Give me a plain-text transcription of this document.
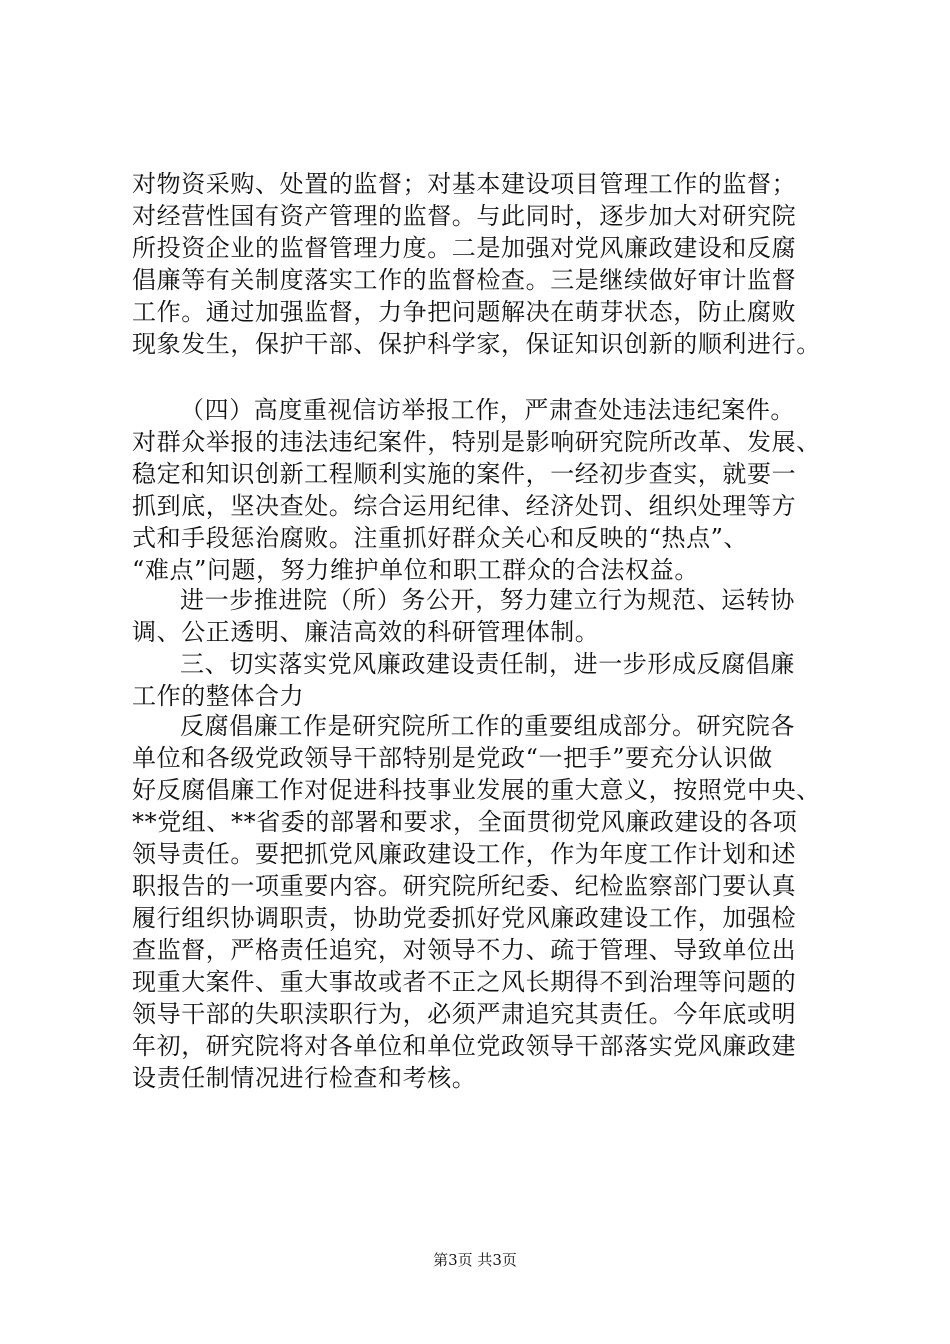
对物资采购、处置的监督；对基本建设项目管理工作的监督；
对经营性国有资产管理的监督。与此同时，逐步加大对研究院
所投资企业的监督管理力度。二是加强对党风廉政建设和反腐
倡廉等有关制度落实工作的监督检查。三是继续做好审计监督
工作。通过加强监督，力争把问题解决在萌芽状态，防止腐败
现象发生，保护干部、保护科学家，保证知识创新的顺利进行。
（四）高度重视信访举报工作，严肃查处违法违纪案件。
对群众举报的违法违纪案件，特别是影响研究院所改革、发展、
稳定和知识创新工程顺利实施的案件，一经初步查实，就要一
抓到底，坚决查处。综合运用纪律、经济处罚、组织处理等方
式和手段惩治腐败。注重抓好群众关心和反映的“热点”、
“难点”问题，努力维护单位和职工群众的合法权益。
进一步推进院（所）务公开，努力建立行为规范、运转协
调、公正透明、廉洁高效的科研管理体制。
三、切实落实党风廉政建设责任制，进一步形成反腐倡廉
工作的整体合力
反腐倡廉工作是研究院所工作的重要组成部分。研究院各
单位和各级党政领导干部特别是党政“一把手”要充分认识做
好反腐倡廉工作对促进科技事业发展的重大意义，按照党中央、
**党组、**省委的部署和要求，全面贯彻党风廉政建设的各项
领导责任。要把抓党风廉政建设工作，作为年度工作计划和述
职报告的一项重要内容。研究院所纪委、纪检监察部门要认真
履行组织协调职责，协助党委抓好党风廉政建设工作，加强检
查监督，严格责任追究，对领导不力、疏于管理、导致单位出
现重大案件、重大事故或者不正之风长期得不到治理等问题的
领导干部的失职渎职行为，必须严肃追究其责任。今年底或明
年初，研究院将对各单位和单位党政领导干部落实党风廉政建
设责任制情况进行检查和考核。
第3页 共3页
